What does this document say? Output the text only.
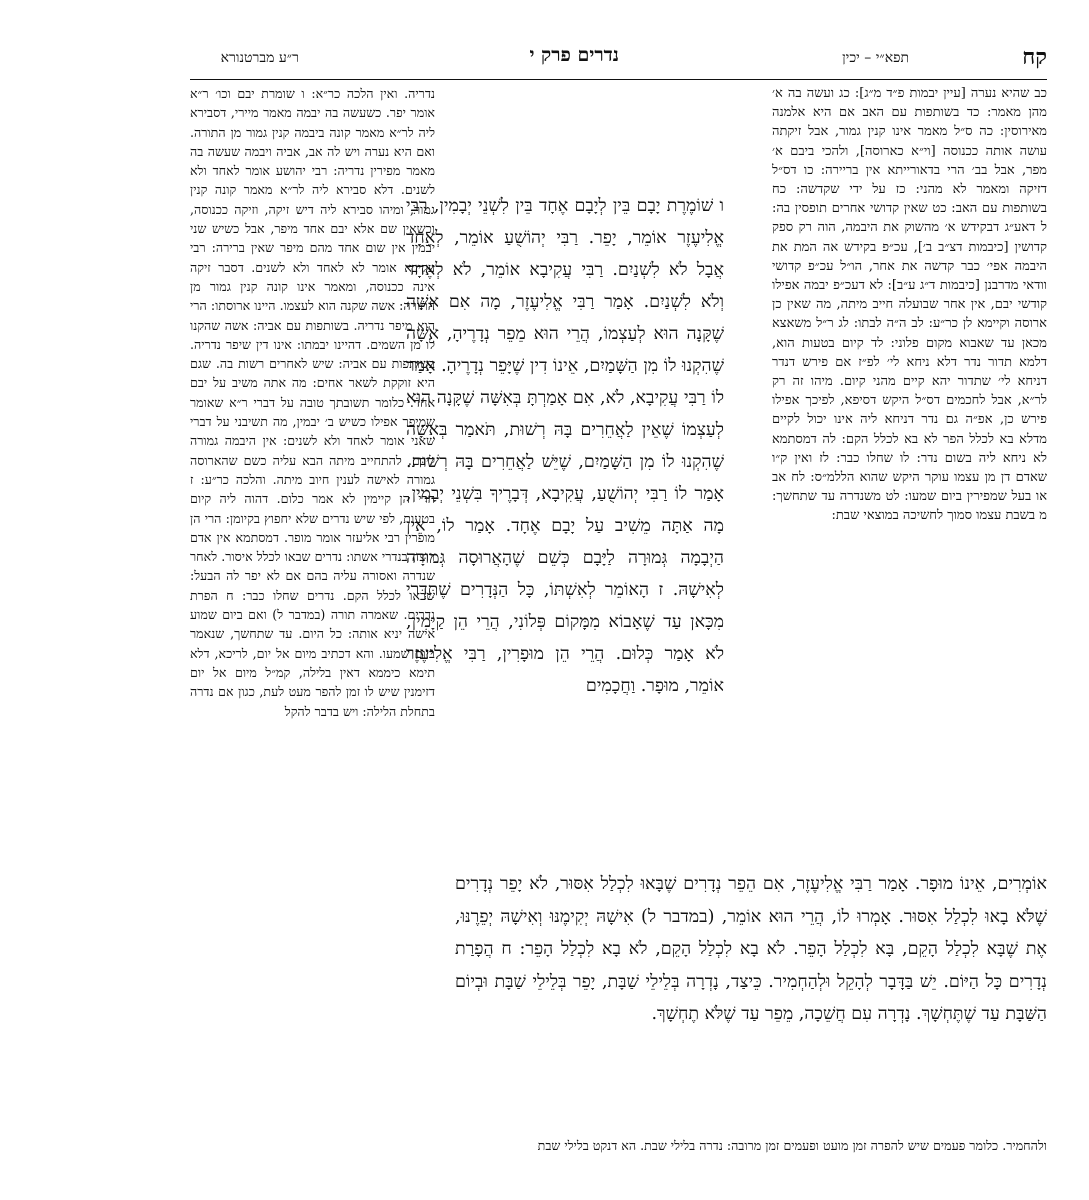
קח
תפא״י – יכין
נדרים פרק י
ר״ע מברטנורא

כב שהיא נערה [עיין יבמות פ״ד מ״ג]: כג ועשה בה א׳ מהן מאמר: כד בשותפות עם האב אם היא אלמנה מאירוסין: כה ס״ל מאמר אינו קנין גמור, אבל זיקתה עושה אותה ככנוסה [וי״א כארוסה], ולהכי ביבם א׳ מפר, אבל בב׳ הרי בדאורייתא אין בריירה: כו דס״ל דזיקה ומאמר לא מהני: כז על ידי שקדשה: כח בשותפות עם האב: כט שאין קדושי אחרים תופסין בה: ל דאע״ג דבקידש א׳ מהשוק את היבמה, הוה רק ספק קדושין [כיבמות דצ״ב ב׳], עכ״פ בקידש אה המת את היבמה אפי׳ כבר קדשה את אחר, הו״ל עכ״פ קדושי וודאי מדרבנן [כיבמות ד״ג ע״ב]: לא דעכ״פ יבמה אפילו קודשי יבם, אין אחר שבועלה חייב מיתה, מה שאין כן ארוסה וקיימא לן כר״ע: לב ה״ה לבתו: לג ר״ל משאצא מכאן עד שאבוא מקום פלוני: לד קיום בטעות הוא, דלמא תדור נדר דלא ניחא לי׳ לפ״ז אם פירש דנדר דניחא לי׳ שתדור יהא קיים מהני קיום. מיהו זה רק לר״א, אבל לחכמים דס״ל היקש דסיפא, לפיכך אפילו פירש כן, אפ״ה גם נדר דניחא ליה אינו יכול לקיים מדלא בא לכלל הפר לא בא לכלל הקם: לה דמסתמא לא ניחא ליה בשום נדר: לו שחלו כבר: לז ואין ק״ו שאדם דן מן עצמו עוקר היקש שהוא הללמ״ס: לח אב או בעל שמפירין ביום שמעו: לט משנדרה עד שתחשך: מ בשבת עצמו סמוך לחשיכה במוצאי שבת:

ו שׁוֹמֶרֶת יָבָם בֵּין לְיָבָם אֶחָד בֵּין לִשְׁנֵי יְבָמִין, רַבִּי אֱלִיעֶזֶר אוֹמֵר, יָפֵר. רַבִּי יְהוֹשֻׁעַ אוֹמֵר, לְאֶחָד אֲבָל לֹא לִשְׁנַיִם. רַבִּי עֲקִיבָא אוֹמֵר, לֹא לְאֶחָד וְלֹא לִשְׁנַיִם. אָמַר רַבִּי אֱלִיעֶזֶר, מָה אִם אִשָּׁה שֶׁקָּנָה הוּא לְעַצְמוֹ, הֲרֵי הוּא מֵפֵר נְדָרֶיהָ, אִשָּׁה שֶׁהִקְנוּ לוֹ מִן הַשָּׁמַיִם, אֵינוֹ דִין שֶׁיָּפֵר נְדָרֶיהָ. אָמַר לוֹ רַבִּי עֲקִיבָא, לֹא, אִם אָמַרְתָּ בְּאִשָּׁה שֶׁקָּנָה הוּא לְעַצְמוֹ שֶׁאֵין לַאֲחֵרִים בָּהּ רְשׁוּת, תֹּאמַר בְּאִשָּׁה שֶׁהִקְנוּ לוֹ מִן הַשָּׁמַיִם, שֶׁיֵּשׁ לַאֲחֵרִים בָּהּ רְשׁוּת. אָמַר לוֹ רַבִּי יְהוֹשֻׁעַ, עֲקִיבָא, דְּבָרֶיךָ בִּשְׁנֵי יְבָמִין, מָה אַתָּה מֵשִׁיב עַל יָבָם אֶחָד. אָמַר לוֹ, אֵין הַיְבָמָה גְּמוּרָה לַיָּבָם כְּשֵׁם שֶׁהָאֲרוּסָה גְּמוּרָה לְאִישָׁהּ. ז הָאוֹמֵר לְאִשְׁתּוֹ, כָּל הַנְּדָרִים שֶׁתִּדְּרִי מִכָּאן עַד שֶׁאָבוֹא מִמָּקוֹם פְּלוֹנִי, הֲרֵי הֵן קַיָּמִין, לֹא אָמַר כְּלוּם. הֲרֵי הֵן מוּפָרִין, רַבִּי אֱלִיעֶזֶר אוֹמֵר, מוּפָר. וַחֲכָמִים

נדריה. ואין הלכה כר״א: ו שומרת יבם וכו׳ ר״א אומר יפר. כשעשה בה יבמה מאמר מיירי, דסבירא ליה לר״א מאמר קונה ביבמה קנין גמור מן התורה. ואם היא נערה ויש לה אב, אביה ויבמה שעשה בה מאמר מפירין נדריה: רבי יהושע אומר לאחד ולא לשנים. דלא סבירא ליה לר״א מאמר קונה קנין גמור, ומיהו סבירא ליה דיש זיקה, וזיקה ככנוסה, וכשאין שם אלא יבם אחד מיפר, אבל כשיש שני יבמין אין שום אחד מהם מיפר שאין ברירה: רבי עקיבא אומר לא לאחד ולא לשנים. דסבר זיקה אינה ככנוסה, ומאמר אינו קונה קנין גמור מן התורה: אשה שקנה הוא לעצמו. היינו ארוסתו: הרי הוא מיפר נדריה. בשותפות עם אביה: אשה שהקנו לו מן השמים. דהיינו יבמתו: אינו דין שיפר נדריה. בשותפות עם אביה: שיש לאחרים רשות בה. שגם היא זוקקת לשאר אחים: מה אתה משיב על יבם אחד. כלומר תשובתך טובה על דברי ר״א שאומר שמיפר אפילו כשיש ב׳ יבמין, מה תשיבני על דברי שאני אומר לאחד ולא לשנים: אין היבמה גמורה ליבם. להתחייב מיתה הבא עליה כשם שהארוסה גמורה לאישה לענין חיוב מיתה. והלכה כר״ע: ז הרי הן קיימין לא אמר כלום. דהוה ליה קיום בטעות, לפי שיש נדרים שלא יחפוץ בקיומן: הרי הן מופרין רבי אליעזר אומר מופר. דמסתמא אין אדם רוצה בנדרי אשתו: נדרים שבאו לכלל איסור. לאחר שנדרה ואסורה עליה בהם אם לא יפר לה הבעל: שבאו לכלל הקם. נדרים שחלו כבר: ח הפרת נדרים. שאמרה תורה (במדבר ל) ואם ביום שמוע אישה יניא אותה: כל היום. עד שתחשך, שנאמר ביום שמעו. והא דכתיב מיום אל יום, לריכא, דלא תימא כיממא דאין בלילה, קמ״ל מיום אל יום דזימנין שיש לו זמן להפר מעט לעת, כגון אם נדרה בתחלת הלילה: ויש בדבר להקל

אוֹמְרִים, אֵינוֹ מוּפָר. אָמַר רַבִּי אֱלִיעֶזֶר, אִם הֵפֵר נְדָרִים שֶׁבָּאוּ לִכְלַל אִסּוּר, לֹא יָפֵר נְדָרִים שֶׁלֹּא בָאוּ לִכְלַל אִסּוּר. אָמְרוּ לוֹ, הֲרֵי הוּא אוֹמֵר, (במדבר ל) אִישָׁהּ יְקִימֶנּוּ וְאִישָׁהּ יְפֵרֶנּוּ, אֶת שֶׁבָּא לִכְלַל הָקֵם, בָּא לִכְלַל הָפֵר. לֹא בָא לִכְלַל הָקֵם, לֹא בָא לִכְלַל הָפֵר: ח הֲפָרַת נְדָרִים כָּל הַיּוֹם. יֵשׁ בַּדָּבָר לְהָקֵל וּלְהַחְמִיר. כֵּיצַד, נָדְרָה בְּלֵילֵי שַׁבָּת, יָפֵר בְּלֵילֵי שַׁבָּת וּבְיוֹם הַשַּׁבָּת עַד שֶׁתֶּחְשָׁךְ. נָדְרָה עִם חֲשֵׁכָה, מֵפֵר עַד שֶׁלֹּא תֶחְשָׁךְ.

ולהחמיר. כלומר פעמים שיש להפרה זמן מועט ופעמים זמן מרובה: נדרה בלילי שבת. הא דנקט בלילי שבת
